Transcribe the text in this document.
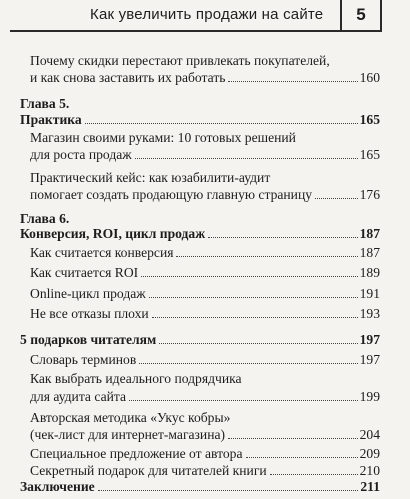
Как увеличить продажи на сайте	5
Почему скидки перестают привлекать покупателей,
и как снова заставить их работать	160
Глава 5.
Практика	165
Магазин своими руками: 10 готовых решений
для роста продаж	165
Практический кейс: как юзабилити-аудит
помогает создать продающую главную страницу	176
Глава 6.
Конверсия, ROI, цикл продаж	187
Как считается конверсия	187
Как считается ROI	189
Online-цикл продаж	191
Не все отказы плохи	193
5 подарков читателям	197
Словарь терминов	197
Как выбрать идеального подрядчика
для аудита сайта	199
Авторская методика «Укус кобры»
(чек-лист для интернет-магазина)	204
Специальное предложение от автора	209
Секретный подарок для читателей книги	210
Заключение	211
